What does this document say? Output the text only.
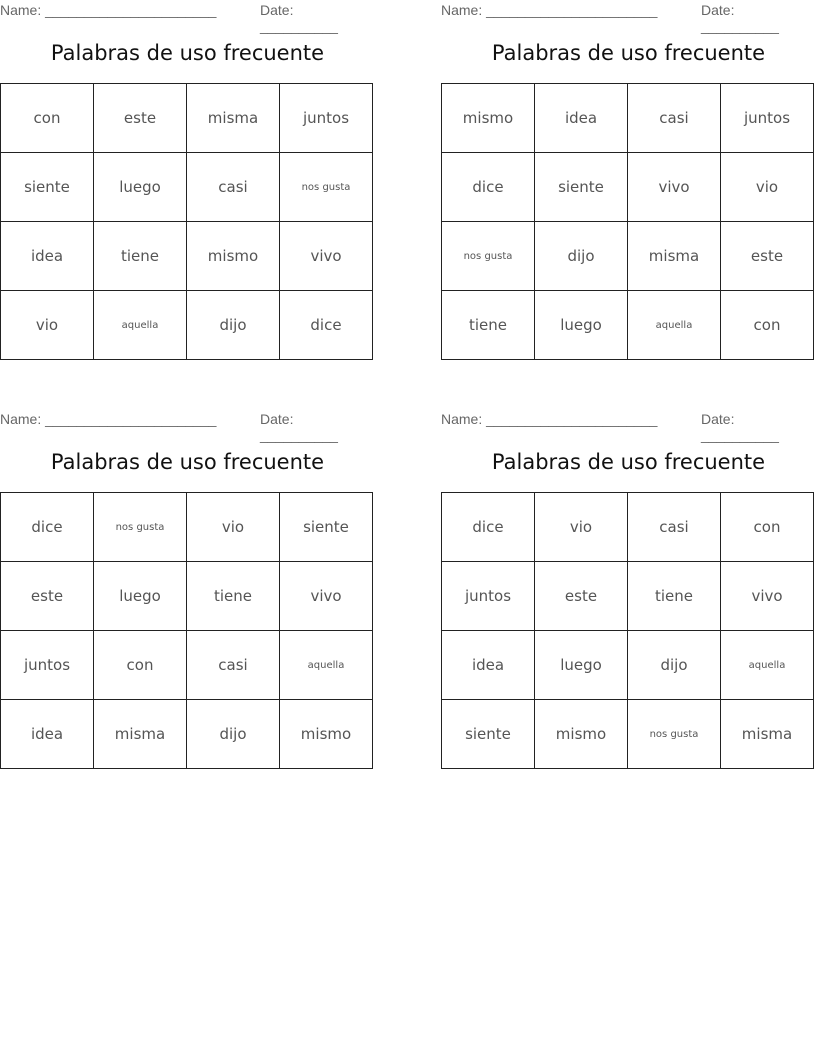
Name: ______________________	Date: __________
Palabras de uso frecuente
con	este	misma	juntos
siente	luego	casi	nos gusta
idea	tiene	mismo	vivo
vio	aquella	dijo	dice
Name: ______________________	Date: __________
Palabras de uso frecuente
mismo	idea	casi	juntos
dice	siente	vivo	vio
nos gusta	dijo	misma	este
tiene	luego	aquella	con
Name: ______________________	Date: __________
Palabras de uso frecuente
dice	nos gusta	vio	siente
este	luego	tiene	vivo
juntos	con	casi	aquella
idea	misma	dijo	mismo
Name: ______________________	Date: __________
Palabras de uso frecuente
dice	vio	casi	con
juntos	este	tiene	vivo
idea	luego	dijo	aquella
siente	mismo	nos gusta	misma
